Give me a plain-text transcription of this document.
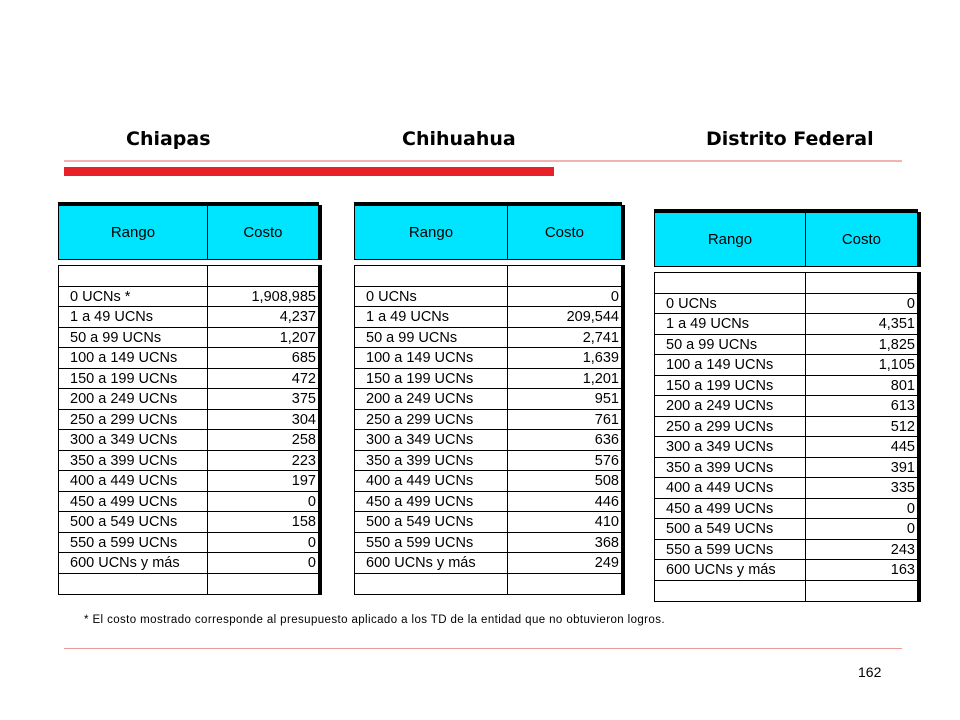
Chiapas	Chihuahua	Distrito Federal
Rango	Costo
0 UCNs *	1,908,985
1 a 49 UCNs	4,237
50 a 99 UCNs	1,207
100 a 149 UCNs	685
150 a 199 UCNs	472
200 a 249 UCNs	375
250 a 299 UCNs	304
300 a 349 UCNs	258
350 a 399 UCNs	223
400 a 449 UCNs	197
450 a 499 UCNs	0
500 a 549 UCNs	158
550 a 599 UCNs	0
600 UCNs y más	0
Rango	Costo
0 UCNs	0
1 a 49 UCNs	209,544
50 a 99 UCNs	2,741
100 a 149 UCNs	1,639
150 a 199 UCNs	1,201
200 a 249 UCNs	951
250 a 299 UCNs	761
300 a 349 UCNs	636
350 a 399 UCNs	576
400 a 449 UCNs	508
450 a 499 UCNs	446
500 a 549 UCNs	410
550 a 599 UCNs	368
600 UCNs y más	249
Rango	Costo
0 UCNs	0
1 a 49 UCNs	4,351
50 a 99 UCNs	1,825
100 a 149 UCNs	1,105
150 a 199 UCNs	801
200 a 249 UCNs	613
250 a 299 UCNs	512
300 a 349 UCNs	445
350 a 399 UCNs	391
400 a 449 UCNs	335
450 a 499 UCNs	0
500 a 549 UCNs	0
550 a 599 UCNs	243
600 UCNs y más	163
* El costo mostrado corresponde al presupuesto aplicado a los TD de la entidad que no obtuvieron logros.
162
